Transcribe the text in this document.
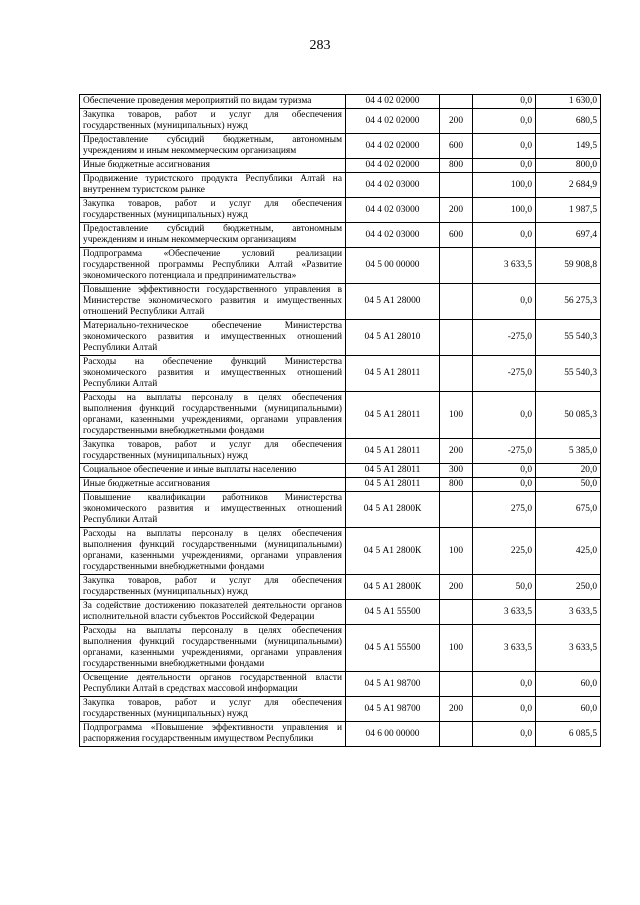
283
Обеспечение проведения мероприятий по видам туризма	04 4 02 02000		0,0	1 630,0
Закупка товаров, работ и услуг для обеспечения государственных (муниципальных) нужд	04 4 02 02000	200	0,0	680,5
Предоставление субсидий бюджетным, автономным учреждениям и иным некоммерческим организациям	04 4 02 02000	600	0,0	149,5
Иные бюджетные ассигнования	04 4 02 02000	800	0,0	800,0
Продвижение туристского продукта Республики Алтай на внутреннем туристском рынке	04 4 02 03000		100,0	2 684,9
Закупка товаров, работ и услуг для обеспечения государственных (муниципальных) нужд	04 4 02 03000	200	100,0	1 987,5
Предоставление субсидий бюджетным, автономным учреждениям и иным некоммерческим организациям	04 4 02 03000	600	0,0	697,4
Подпрограмма «Обеспечение условий реализации государственной программы Республики Алтай «Развитие экономического потенциала и предпринимательства»	04 5 00 00000		3 633,5	59 908,8
Повышение эффективности государственного управления в Министерстве экономического развития и имущественных отношений Республики Алтай	04 5 А1 28000		0,0	56 275,3
Материально-техническое обеспечение Министерства экономического развития и имущественных отношений Республики Алтай	04 5 А1 28010		-275,0	55 540,3
Расходы на обеспечение функций Министерства экономического развития и имущественных отношений Республики Алтай	04 5 А1 28011		-275,0	55 540,3
Расходы на выплаты персоналу в целях обеспечения выполнения функций государственными (муниципальными) органами, казенными учреждениями, органами управления государственными внебюджетными фондами	04 5 А1 28011	100	0,0	50 085,3
Закупка товаров, работ и услуг для обеспечения государственных (муниципальных) нужд	04 5 А1 28011	200	-275,0	5 385,0
Социальное обеспечение и иные выплаты населению	04 5 А1 28011	300	0,0	20,0
Иные бюджетные ассигнования	04 5 А1 28011	800	0,0	50,0
Повышение квалификации работников Министерства экономического развития и имущественных отношений Республики Алтай	04 5 А1 2800К		275,0	675,0
Расходы на выплаты персоналу в целях обеспечения выполнения функций государственными (муниципальными) органами, казенными учреждениями, органами управления государственными внебюджетными фондами	04 5 А1 2800К	100	225,0	425,0
Закупка товаров, работ и услуг для обеспечения государственных (муниципальных) нужд	04 5 А1 2800К	200	50,0	250,0
За содействие достижению показателей деятельности органов исполнительной власти субъектов Российской Федерации	04 5 А1 55500		3 633,5	3 633,5
Расходы на выплаты персоналу в целях обеспечения выполнения функций государственными (муниципальными) органами, казенными учреждениями, органами управления государственными внебюджетными фондами	04 5 А1 55500	100	3 633,5	3 633,5
Освещение деятельности органов государственной власти Республики Алтай в средствах массовой информации	04 5 А1 98700		0,0	60,0
Закупка товаров, работ и услуг для обеспечения государственных (муниципальных) нужд	04 5 А1 98700	200	0,0	60,0
Подпрограмма «Повышение эффективности управления и распоряжения государственным имуществом Республики	04 6 00 00000		0,0	6 085,5
